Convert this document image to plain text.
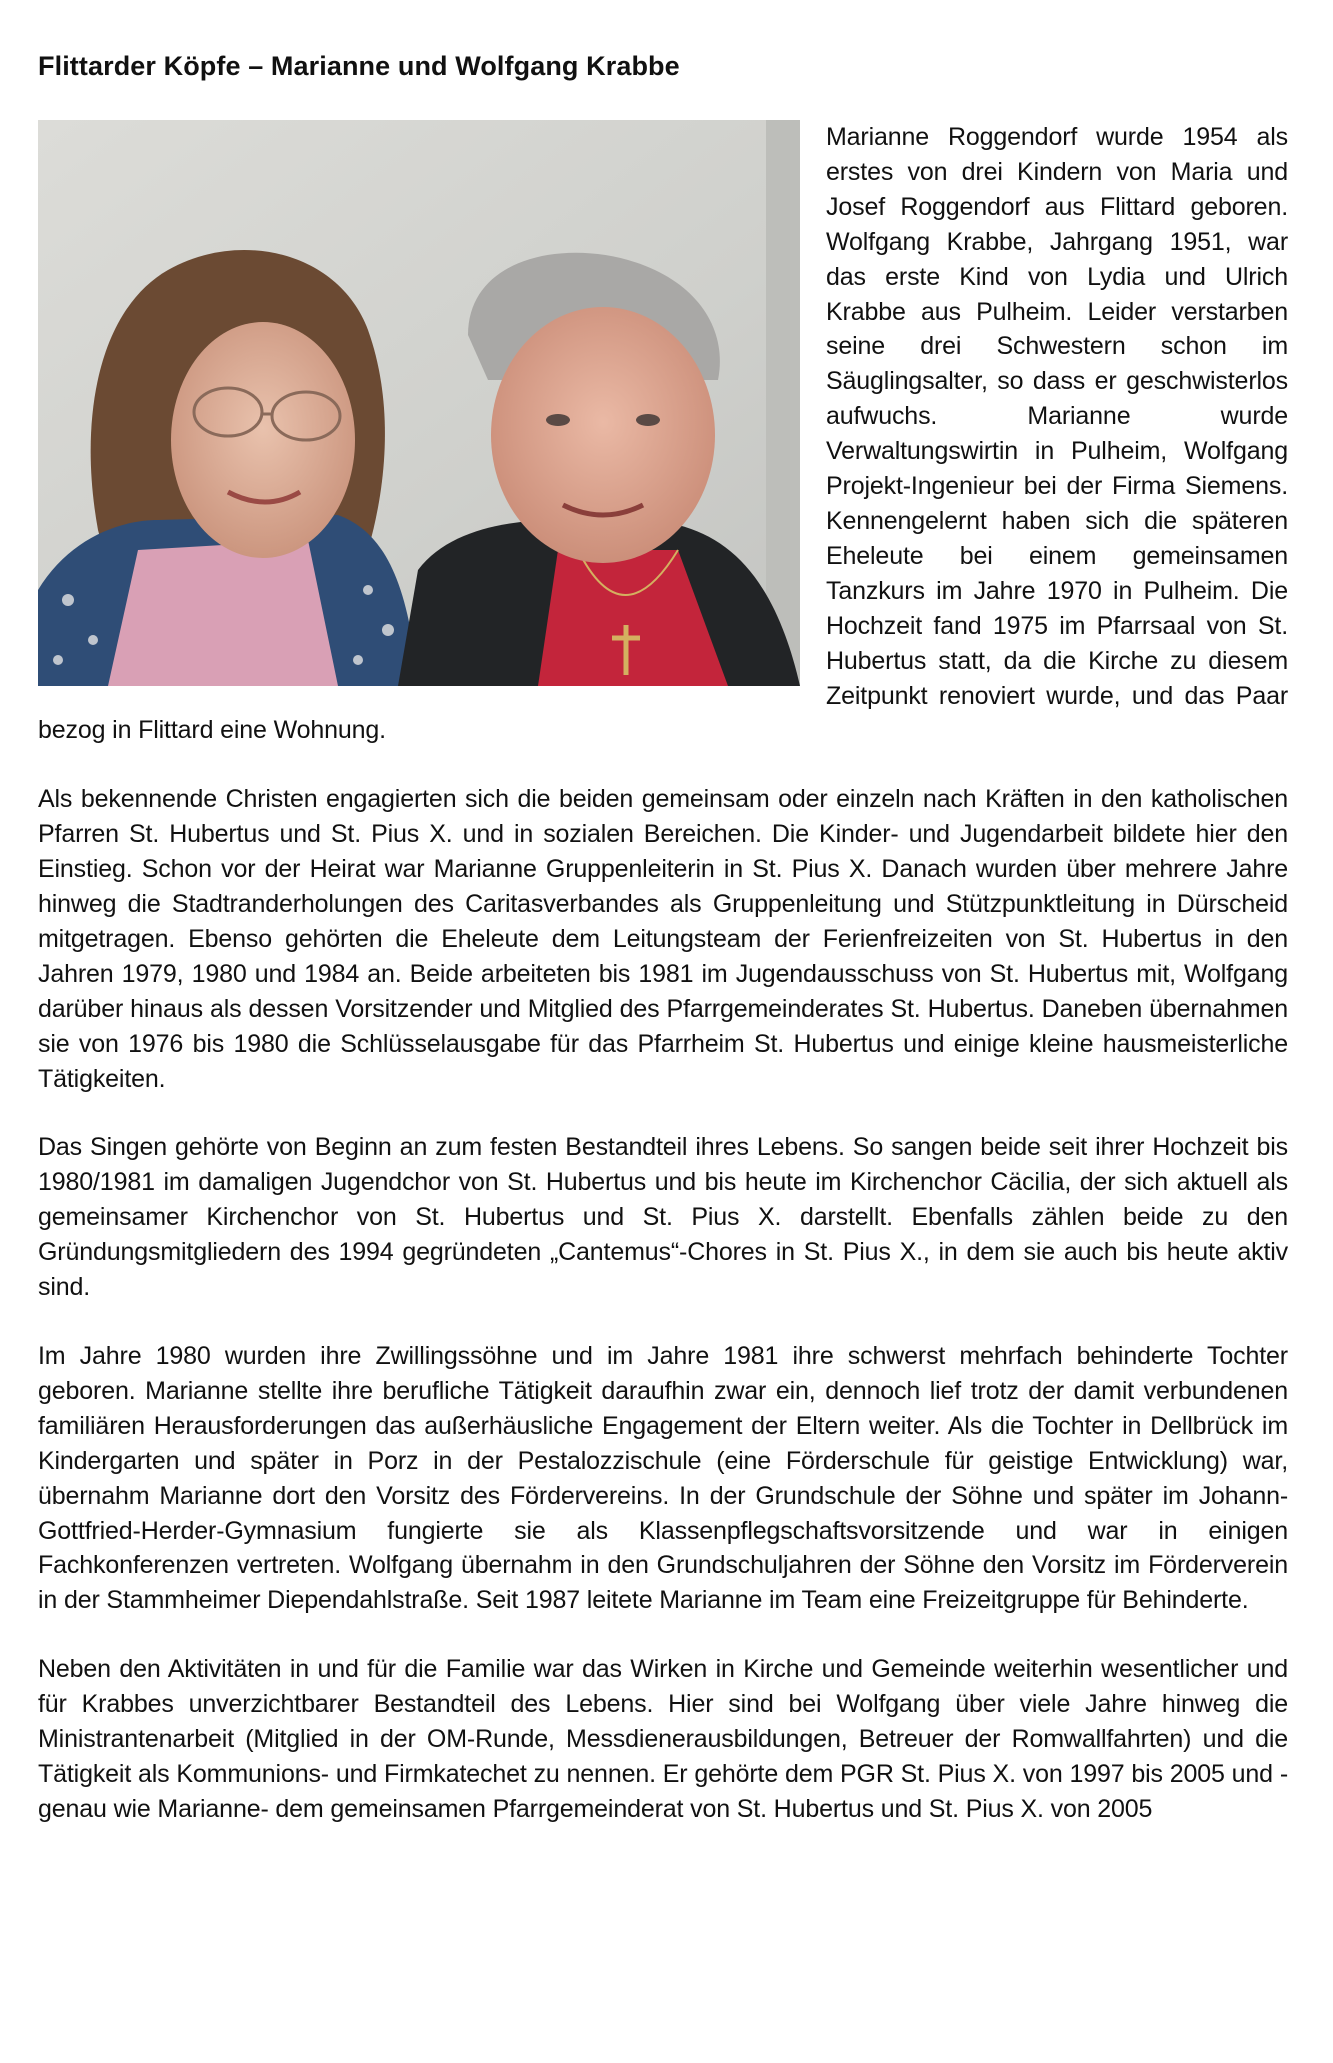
Flittarder Köpfe – Marianne und Wolfgang Krabbe

Marianne Roggendorf wurde 1954 als erstes von drei Kindern von Maria und Josef Roggendorf aus Flittard geboren. Wolfgang Krabbe, Jahrgang 1951, war das erste Kind von Lydia und Ulrich Krabbe aus Pulheim. Leider verstarben seine drei Schwestern schon im Säuglingsalter, so dass er geschwisterlos aufwuchs. Marianne wurde Verwaltungswirtin in Pulheim, Wolfgang Projekt-Ingenieur bei der Firma Siemens. Kennengelernt haben sich die späteren Eheleute bei einem gemeinsamen Tanzkurs im Jahre 1970 in Pulheim. Die Hochzeit fand 1975 im Pfarrsaal von St. Hubertus statt, da die Kirche zu diesem Zeitpunkt renoviert wurde, und das Paar bezog in Flittard eine Wohnung.

Als bekennende Christen engagierten sich die beiden gemeinsam oder einzeln nach Kräften in den katholischen Pfarren St. Hubertus und St. Pius X. und in sozialen Bereichen. Die Kinder- und Jugendarbeit bildete hier den Einstieg. Schon vor der Heirat war Marianne Gruppenleiterin in St. Pius X. Danach wurden über mehrere Jahre hinweg die Stadtranderholungen des Caritasverbandes als Gruppenleitung und Stützpunktleitung in Dürscheid mitgetragen. Ebenso gehörten die Eheleute dem Leitungsteam der Ferienfreizeiten von St. Hubertus in den Jahren 1979, 1980 und 1984 an. Beide arbeiteten bis 1981 im Jugendausschuss von St. Hubertus mit, Wolfgang darüber hinaus als dessen Vorsitzender und Mitglied des Pfarrgemeinderates St. Hubertus. Daneben übernahmen sie von 1976 bis 1980 die Schlüsselausgabe für das Pfarrheim St. Hubertus und einige kleine hausmeisterliche Tätigkeiten.

Das Singen gehörte von Beginn an zum festen Bestandteil ihres Lebens. So sangen beide seit ihrer Hochzeit bis 1980/1981 im damaligen Jugendchor von St. Hubertus und bis heute im Kirchenchor Cäcilia, der sich aktuell als gemeinsamer Kirchenchor von St. Hubertus und St. Pius X. darstellt. Ebenfalls zählen beide zu den Gründungsmitgliedern des 1994 gegründeten „Cantemus“-Chores in St. Pius X., in dem sie auch bis heute aktiv sind.

Im Jahre 1980 wurden ihre Zwillingssöhne und im Jahre 1981 ihre schwerst mehrfach behinderte Tochter geboren. Marianne stellte ihre berufliche Tätigkeit daraufhin zwar ein, dennoch lief trotz der damit verbundenen familiären Herausforderungen das außerhäusliche Engagement der Eltern weiter. Als die Tochter in Dellbrück im Kindergarten und später in Porz in der Pestalozzischule (eine Förderschule für geistige Entwicklung) war, übernahm Marianne dort den Vorsitz des Fördervereins. In der Grundschule der Söhne und später im Johann-Gottfried-Herder-Gymnasium fungierte sie als Klassenpflegschaftsvorsitzende und war in einigen Fachkonferenzen vertreten. Wolfgang übernahm in den Grundschuljahren der Söhne den Vorsitz im Förderverein in der Stammheimer Diependahlstraße. Seit 1987 leitete Marianne im Team eine Freizeitgruppe für Behinderte.

Neben den Aktivitäten in und für die Familie war das Wirken in Kirche und Gemeinde weiterhin wesentlicher und für Krabbes unverzichtbarer Bestandteil des Lebens. Hier sind bei Wolfgang über viele Jahre hinweg die Ministrantenarbeit (Mitglied in der OM-Runde, Messdienerausbildungen, Betreuer der Romwallfahrten) und die Tätigkeit als Kommunions- und Firmkatechet zu nennen. Er gehörte dem PGR St. Pius X. von 1997 bis 2005 und -genau wie Marianne- dem gemeinsamen Pfarrgemeinderat von St. Hubertus und St. Pius X. von 2005
